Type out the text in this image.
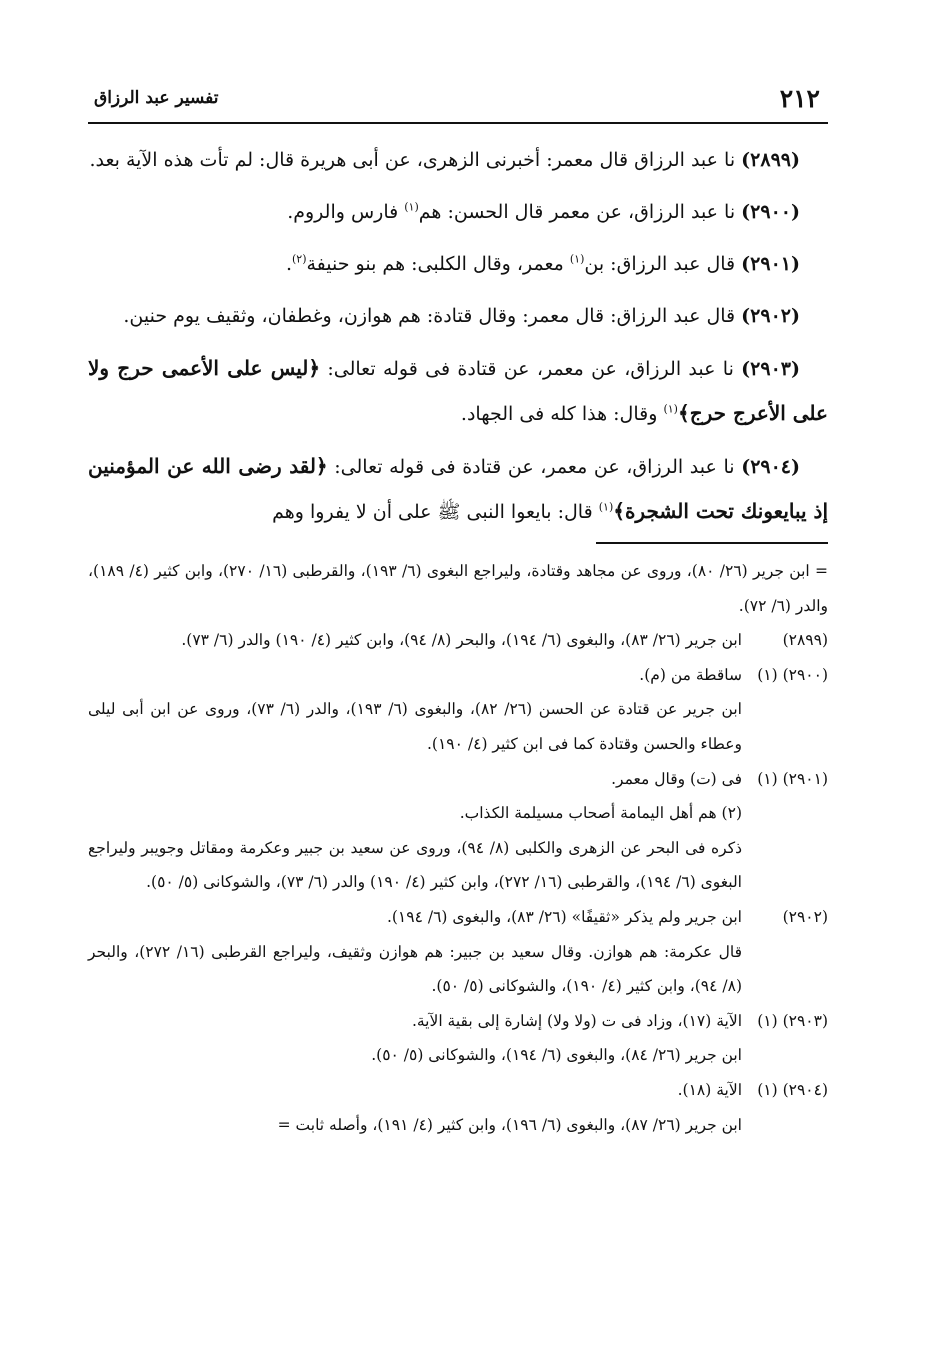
٢١٢
تفسير عبد الرزاق

(٢٨٩٩) نا عبد الرزاق قال معمر: أخبرنى الزهرى، عن أبى هريرة قال: لم تأت هذه الآية بعد.

(٢٩٠٠) نا عبد الرزاق، عن معمر قال الحسن: هم$^{(١)}$ فارس والروم.

(٢٩٠١) قال عبد الرزاق: بن$^{(١)}$ معمر، وقال الكلبى: هم بنو حنيفة$^{(٢)}$.

(٢٩٠٢) قال عبد الرزاق: قال معمر: وقال قتادة: هم هوازن، وغطفان، وثقيف يوم حنين.

(٢٩٠٣) نا عبد الرزاق، عن معمر، عن قتادة فى قوله تعالى: ﴿ليس على الأعمى حرج ولا على الأعرج حرج﴾$^{(١)}$ وقال: هذا كله فى الجهاد.

(٢٩٠٤) نا عبد الرزاق، عن معمر، عن قتادة فى قوله تعالى: ﴿لقد رضى الله عن المؤمنين إذ يبايعونك تحت الشجرة﴾$^{(١)}$ قال: بايعوا النبى ﷺ على أن لا يفروا وهم

= ابن جرير (٢٦/ ٨٠)، وروى عن مجاهد وقتادة، وليراجع البغوى (٦/ ١٩٣)، والقرطبى (١٦/ ٢٧٠)، وابن كثير (٤/ ١٨٩)، والدر (٦/ ٧٢).
(٢٨٩٩)
ابن جرير (٢٦/ ٨٣)، والبغوى (٦/ ١٩٤)، والبحر (٨/ ٩٤)، وابن كثير (٤/ ١٩٠) والدر (٦/ ٧٣).
(٢٩٠٠) (١)
ساقطة من (م).
ابن جرير عن قتادة عن الحسن (٢٦/ ٨٢)، والبغوى (٦/ ١٩٣)، والدر (٦/ ٧٣)، وروى عن ابن أبى ليلى وعطاء والحسن وقتادة كما فى ابن كثير (٤/ ١٩٠).
(٢٩٠١) (١)
فى (ت) وقال معمر.
(٢) هم أهل اليمامة أصحاب مسيلمة الكذاب.
ذكره فى البحر عن الزهرى والكلبى (٨/ ٩٤)، وروى عن سعيد بن جبير وعكرمة ومقاتل وجويبر وليراجع البغوى (٦/ ١٩٤)، والقرطبى (١٦/ ٢٧٢)، وابن كثير (٤/ ١٩٠) والدر (٦/ ٧٣)، والشوكانى (٥/ ٥٠).
(٢٩٠٢)
ابن جرير ولم يذكر «ثقيفًا» (٢٦/ ٨٣)، والبغوى (٦/ ١٩٤).
قال عكرمة: هم هوازن. وقال سعيد بن جبير: هم هوازن وثقيف، وليراجع القرطبى (١٦/ ٢٧٢)، والبحر (٨/ ٩٤)، وابن كثير (٤/ ١٩٠)، والشوكانى (٥/ ٥٠).
(٢٩٠٣) (١)
الآية (١٧)، وزاد فى ت (ولا ولا) إشارة إلى بقية الآية.
ابن جرير (٢٦/ ٨٤)، والبغوى (٦/ ١٩٤)، والشوكانى (٥/ ٥٠).
(٢٩٠٤) (١)
الآية (١٨).
ابن جرير (٢٦/ ٨٧)، والبغوى (٦/ ١٩٦)، وابن كثير (٤/ ١٩١)، وأصله ثابت =
